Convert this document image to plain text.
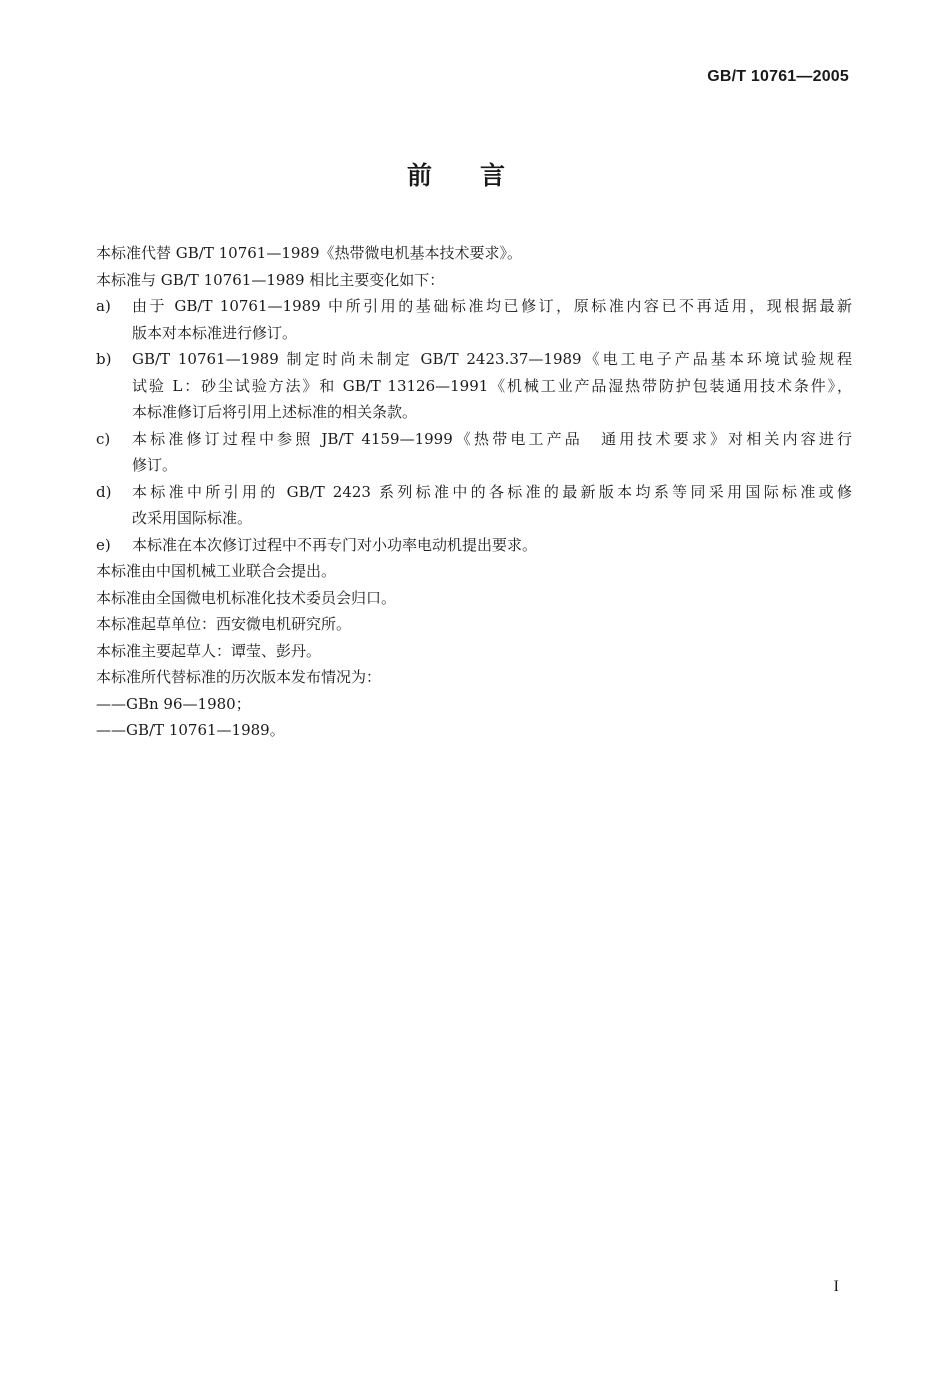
GB/T 10761—2005
前言
本标准代替 GB/T 10761—1989《热带微电机基本技术要求》。
本标准与 GB/T 10761—1989 相比主要变化如下：
a) 由于 GB/T 10761—1989 中所引用的基础标准均已修订，原标准内容已不再适用，现根据最新
版本对本标准进行修订。
b) GB/T 10761—1989 制定时尚未制定 GB/T 2423.37—1989《电工电子产品基本环境试验规程
试验 L：砂尘试验方法》和 GB/T 13126—1991《机械工业产品湿热带防护包装通用技术条件》，
本标准修订后将引用上述标准的相关条款。
c) 本标准修订过程中参照 JB/T 4159—1999《热带电工产品　通用技术要求》对相关内容进行
修订。
d) 本标准中所引用的 GB/T 2423 系列标准中的各标准的最新版本均系等同采用国际标准或修
改采用国际标准。
e) 本标准在本次修订过程中不再专门对小功率电动机提出要求。
本标准由中国机械工业联合会提出。
本标准由全国微电机标准化技术委员会归口。
本标准起草单位：西安微电机研究所。
本标准主要起草人：谭莹、彭丹。
本标准所代替标准的历次版本发布情况为：
——GBn 96—1980；
——GB/T 10761—1989。
I
